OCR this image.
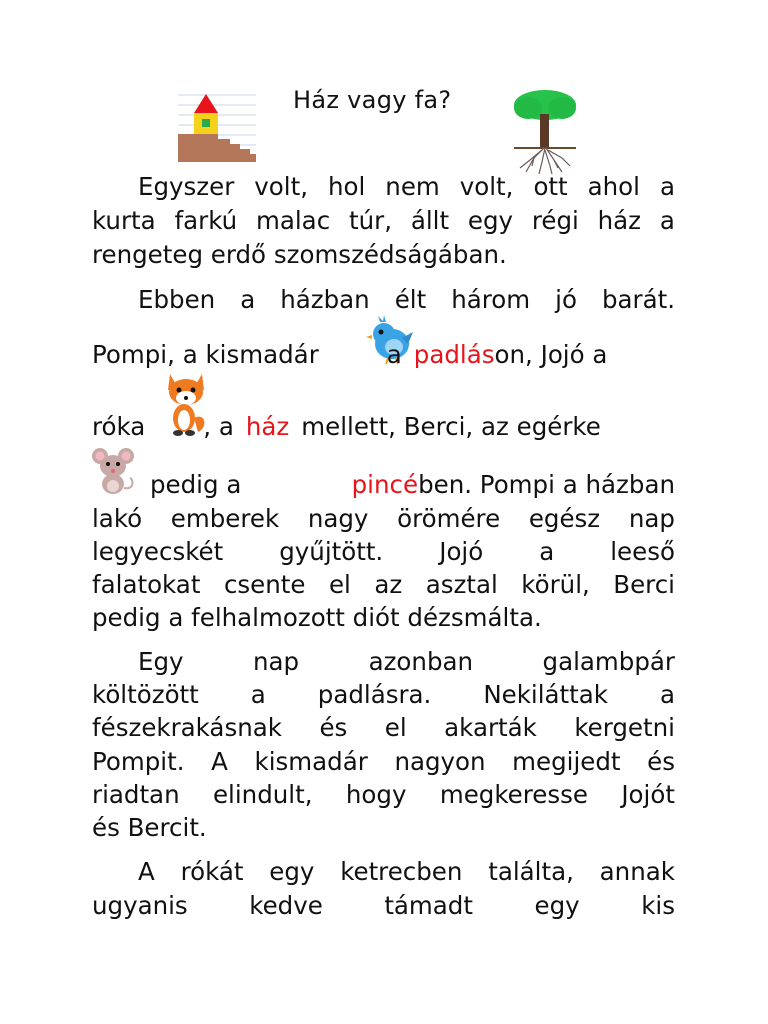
Ház vagy fa?
Egyszer volt, hol nem volt, ott ahol a
kurta farkú malac túr, állt egy régi ház a
rengeteg erdő szomszédságában.
Ebben a házban élt három jó barát.
Pompi, a kismadár	a padlás on, Jojó a
róka , a ház mellett, Berci, az egérke
pedig a	pincében. Pompi a házban
lakó emberek nagy örömére egész nap
legyecskét gyűjtött. Jojó a leeső
falatokat csente el az asztal körül, Berci
pedig a felhalmozott diót dézsmálta.
Egy	nap	azonban	galambpár
költözött a padlásra. Nekiláttak a
fészekrakásnak és el akarták kergetni
Pompit. A kismadár nagyon megijedt és
riadtan elindult, hogy megkeresse Jojót
és Bercit.
A rókát egy ketrecben találta, annak
ugyanis	kedve	támadt	egy	kis
